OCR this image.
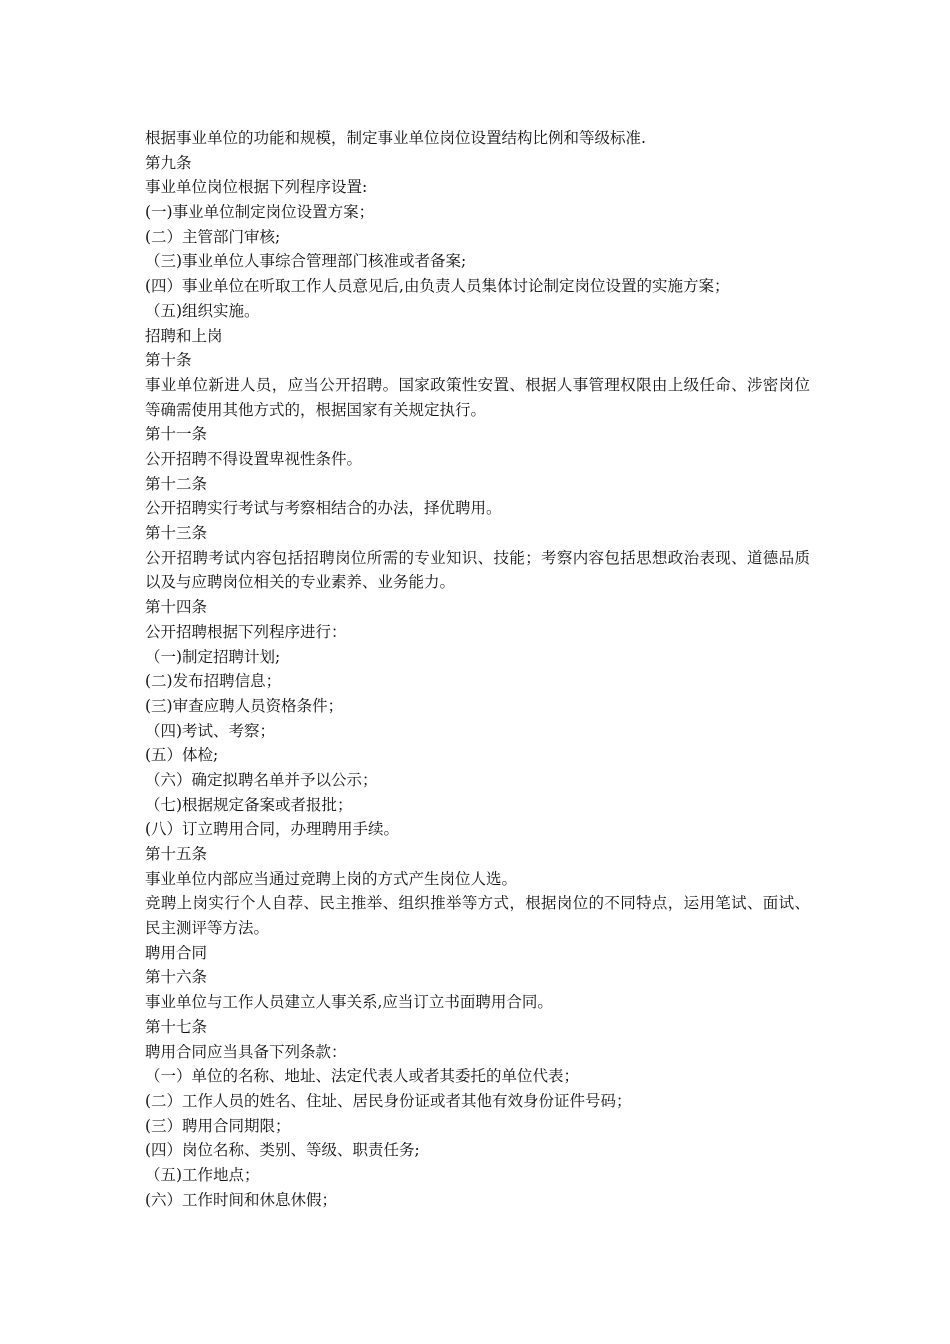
根据事业单位的功能和规模，制定事业单位岗位设置结构比例和等级标准.
第九条
事业单位岗位根据下列程序设置:
(一)事业单位制定岗位设置方案；
(二）主管部门审核;
（三)事业单位人事综合管理部门核准或者备案;
(四）事业单位在听取工作人员意见后,由负责人员集体讨论制定岗位设置的实施方案；
（五)组织实施。
招聘和上岗
第十条
事业单位新进人员，应当公开招聘。国家政策性安置、根据人事管理权限由上级任命、涉密岗位等确需使用其他方式的，根据国家有关规定执行。
第十一条
公开招聘不得设置卑视性条件。
第十二条
公开招聘实行考试与考察相结合的办法，择优聘用。
第十三条
公开招聘考试内容包括招聘岗位所需的专业知识、技能；考察内容包括思想政治表现、道德品质以及与应聘岗位相关的专业素养、业务能力。
第十四条
公开招聘根据下列程序进行：
（一)制定招聘计划;
(二)发布招聘信息；
(三)审查应聘人员资格条件；
（四)考试、考察；
(五）体检;
（六）确定拟聘名单并予以公示；
（七)根据规定备案或者报批；
(八）订立聘用合同，办理聘用手续。
第十五条
事业单位内部应当通过竞聘上岗的方式产生岗位人选。
竞聘上岗实行个人自荐、民主推举、组织推举等方式，根据岗位的不同特点，运用笔试、面试、民主测评等方法。
聘用合同
第十六条
事业单位与工作人员建立人事关系,应当订立书面聘用合同。
第十七条
聘用合同应当具备下列条款：
（一）单位的名称、地址、法定代表人或者其委托的单位代表；
(二）工作人员的姓名、住址、居民身份证或者其他有效身份证件号码；
(三）聘用合同期限；
(四）岗位名称、类别、等级、职责任务;
（五)工作地点；
(六）工作时间和休息休假；
